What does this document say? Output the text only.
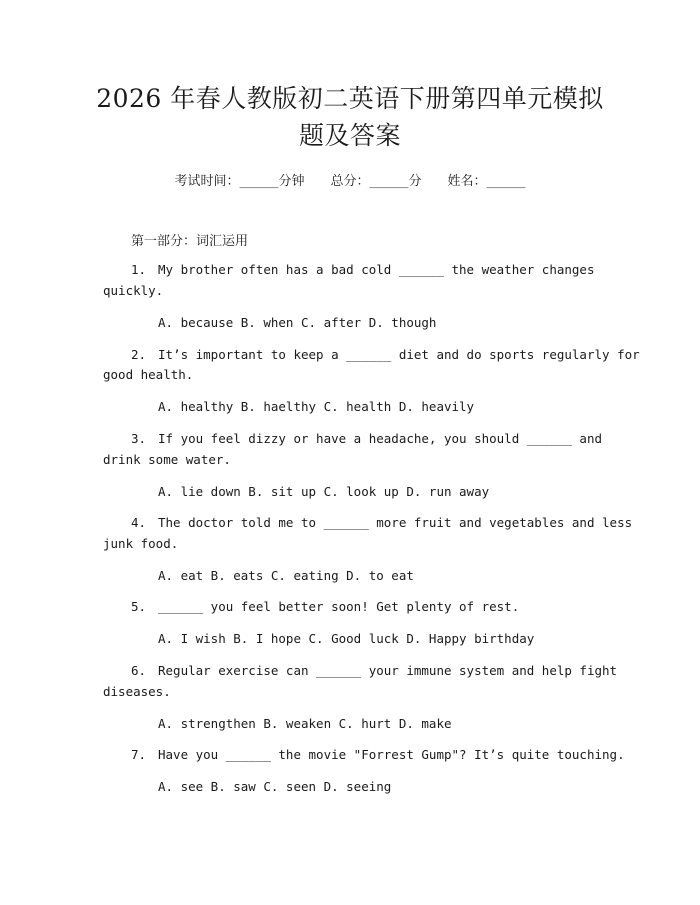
2026 年春人教版初二英语下册第四单元模拟
题及答案
考试时间：______分钟 总分：______分 姓名：______
第一部分：词汇运用
1. My brother often has a bad cold ______ the weather changes
quickly.
A. because B. when C. after D. though
2. It’s important to keep a ______ diet and do sports regularly for
good health.
A. healthy B. haelthy C. health D. heavily
3. If you feel dizzy or have a headache, you should ______ and
drink some water.
A. lie down B. sit up C. look up D. run away
4. The doctor told me to ______ more fruit and vegetables and less
junk food.
A. eat B. eats C. eating D. to eat
5. ______ you feel better soon! Get plenty of rest.
A. I wish B. I hope C. Good luck D. Happy birthday
6. Regular exercise can ______ your immune system and help fight
diseases.
A. strengthen B. weaken C. hurt D. make
7. Have you ______ the movie "Forrest Gump"? It’s quite touching.
A. see B. saw C. seen D. seeing
